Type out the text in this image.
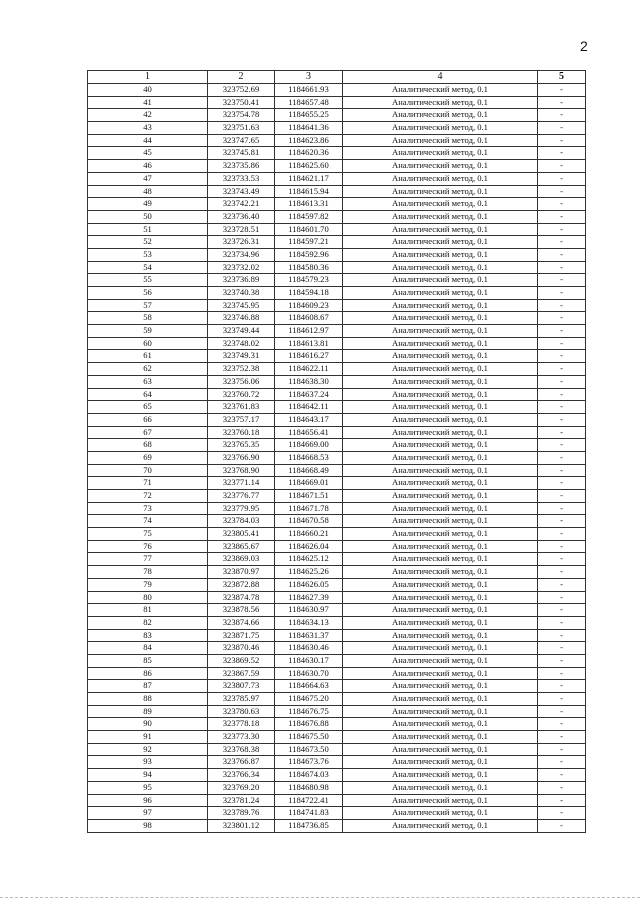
2
1	2	3	4	5
40	323752.69	1184661.93	Аналитический метод, 0.1	-
41	323750.41	1184657.48	Аналитический метод, 0.1	-
42	323754.78	1184655.25	Аналитический метод, 0.1	-
43	323751.63	1184641.36	Аналитический метод, 0.1	-
44	323747.65	1184623.86	Аналитический метод, 0.1	-
45	323745.81	1184620.36	Аналитический метод, 0.1	-
46	323735.86	1184625.60	Аналитический метод, 0.1	-
47	323733.53	1184621.17	Аналитический метод, 0.1	-
48	323743.49	1184615.94	Аналитический метод, 0.1	-
49	323742.21	1184613.31	Аналитический метод, 0.1	-
50	323736.40	1184597.82	Аналитический метод, 0.1	-
51	323728.51	1184601.70	Аналитический метод, 0.1	-
52	323726.31	1184597.21	Аналитический метод, 0.1	-
53	323734.96	1184592.96	Аналитический метод, 0.1	-
54	323732.02	1184580.36	Аналитический метод, 0.1	-
55	323736.89	1184579.23	Аналитический метод, 0.1	-
56	323740.38	1184594.18	Аналитический метод, 0.1	-
57	323745.95	1184609.23	Аналитический метод, 0.1	-
58	323746.88	1184608.67	Аналитический метод, 0.1	-
59	323749.44	1184612.97	Аналитический метод, 0.1	-
60	323748.02	1184613.81	Аналитический метод, 0.1	-
61	323749.31	1184616.27	Аналитический метод, 0.1	-
62	323752.38	1184622.11	Аналитический метод, 0.1	-
63	323756.06	1184638.30	Аналитический метод, 0.1	-
64	323760.72	1184637.24	Аналитический метод, 0.1	-
65	323761.83	1184642.11	Аналитический метод, 0.1	-
66	323757.17	1184643.17	Аналитический метод, 0.1	-
67	323760.18	1184656.41	Аналитический метод, 0.1	-
68	323765.35	1184669.00	Аналитический метод, 0.1	-
69	323766.90	1184668.53	Аналитический метод, 0.1	-
70	323768.90	1184668.49	Аналитический метод, 0.1	-
71	323771.14	1184669.01	Аналитический метод, 0.1	-
72	323776.77	1184671.51	Аналитический метод, 0.1	-
73	323779.95	1184671.78	Аналитический метод, 0.1	-
74	323784.03	1184670.58	Аналитический метод, 0.1	-
75	323805.41	1184660.21	Аналитический метод, 0.1	-
76	323865.67	1184626.04	Аналитический метод, 0.1	-
77	323869.03	1184625.12	Аналитический метод, 0.1	-
78	323870.97	1184625.26	Аналитический метод, 0.1	-
79	323872.88	1184626.05	Аналитический метод, 0.1	-
80	323874.78	1184627.39	Аналитический метод, 0.1	-
81	323878.56	1184630.97	Аналитический метод, 0.1	-
82	323874.66	1184634.13	Аналитический метод, 0.1	-
83	323871.75	1184631.37	Аналитический метод, 0.1	-
84	323870.46	1184630.46	Аналитический метод, 0.1	-
85	323869.52	1184630.17	Аналитический метод, 0.1	-
86	323867.59	1184630.70	Аналитический метод, 0.1	-
87	323807.73	1184664.63	Аналитический метод, 0.1	-
88	323785.97	1184675.20	Аналитический метод, 0.1	-
89	323780.63	1184676.75	Аналитический метод, 0.1	-
90	323778.18	1184676.88	Аналитический метод, 0.1	-
91	323773.30	1184675.50	Аналитический метод, 0.1	-
92	323768.38	1184673.50	Аналитический метод, 0.1	-
93	323766.87	1184673.76	Аналитический метод, 0.1	-
94	323766.34	1184674.03	Аналитический метод, 0.1	-
95	323769.20	1184680.98	Аналитический метод, 0.1	-
96	323781.24	1184722.41	Аналитический метод, 0.1	-
97	323789.76	1184741.83	Аналитический метод, 0.1	-
98	323801.12	1184736.85	Аналитический метод, 0.1	-
